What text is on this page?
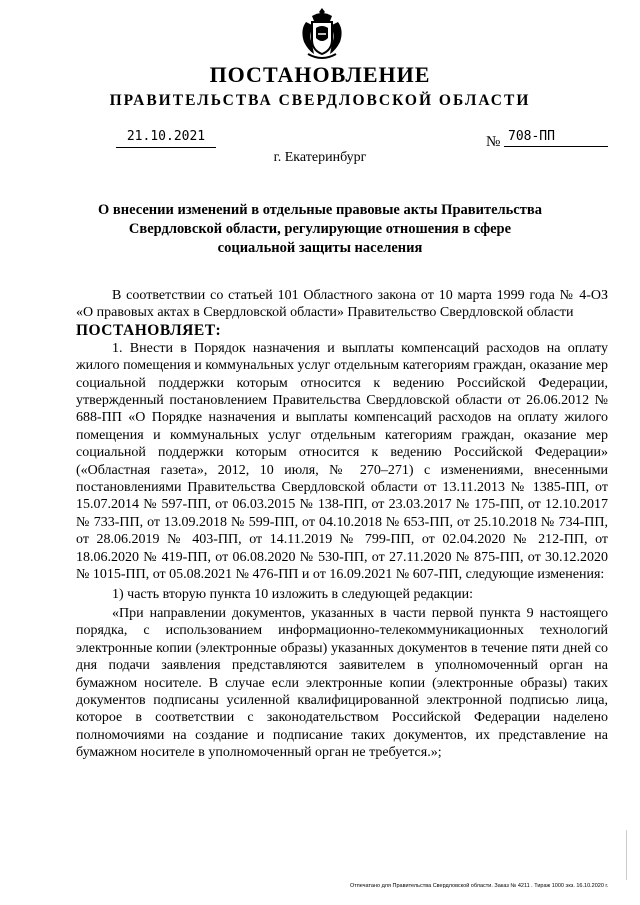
ПОСТАНОВЛЕНИЕ
ПРАВИТЕЛЬСТВА СВЕРДЛОВСКОЙ ОБЛАСТИ
21.10.2021	№ 708-ПП
г. Екатеринбург
О внесении изменений в отдельные правовые акты Правительства Свердловской области, регулирующие отношения в сфере социальной защиты населения

В соответствии со статьей 101 Областного закона от 10 марта 1999 года № 4-ОЗ «О правовых актах в Свердловской области» Правительство Свердловской области

ПОСТАНОВЛЯЕТ:

1. Внести в Порядок назначения и выплаты компенсаций расходов на оплату жилого помещения и коммунальных услуг отдельным категориям граждан, оказание мер социальной поддержки которым относится к ведению Российской Федерации, утвержденный постановлением Правительства Свердловской области от 26.06.2012 № 688-ПП «О Порядке назначения и выплаты компенсаций расходов на оплату жилого помещения и коммунальных услуг отдельным категориям граждан, оказание мер социальной поддержки которым относится к ведению Российской Федерации» («Областная газета», 2012, 10 июля, № 270–271) с изменениями, внесенными постановлениями Правительства Свердловской области от 13.11.2013 № 1385-ПП, от 15.07.2014 № 597-ПП, от 06.03.2015 № 138-ПП, от 23.03.2017 № 175-ПП, от 12.10.2017 № 733-ПП, от 13.09.2018 № 599-ПП, от 04.10.2018 № 653-ПП, от 25.10.2018 № 734-ПП, от 28.06.2019 № 403-ПП, от 14.11.2019 № 799-ПП, от 02.04.2020 № 212-ПП, от 18.06.2020 № 419-ПП, от 06.08.2020 № 530-ПП, от 27.11.2020 № 875-ПП, от 30.12.2020 № 1015-ПП, от 05.08.2021 № 476-ПП и от 16.09.2021 № 607-ПП, следующие изменения:

1) часть вторую пункта 10 изложить в следующей редакции:

«При направлении документов, указанных в части первой пункта 9 настоящего порядка, с использованием информационно-телекоммуникационных технологий электронные копии (электронные образы) указанных документов в течение пяти дней со дня подачи заявления представляются заявителем в уполномоченный орган на бумажном носителе. В случае если электронные копии (электронные образы) таких документов подписаны усиленной квалифицированной электронной подписью лица, которое в соответствии с законодательством Российской Федерации наделено полномочиями на создание и подписание таких документов, их представление на бумажном носителе в уполномоченный орган не требуется.»;

Отпечатано для Правительства Свердловской области. Заказ № 4211 . Тираж 1000 экз. 16.10.2020 г.
